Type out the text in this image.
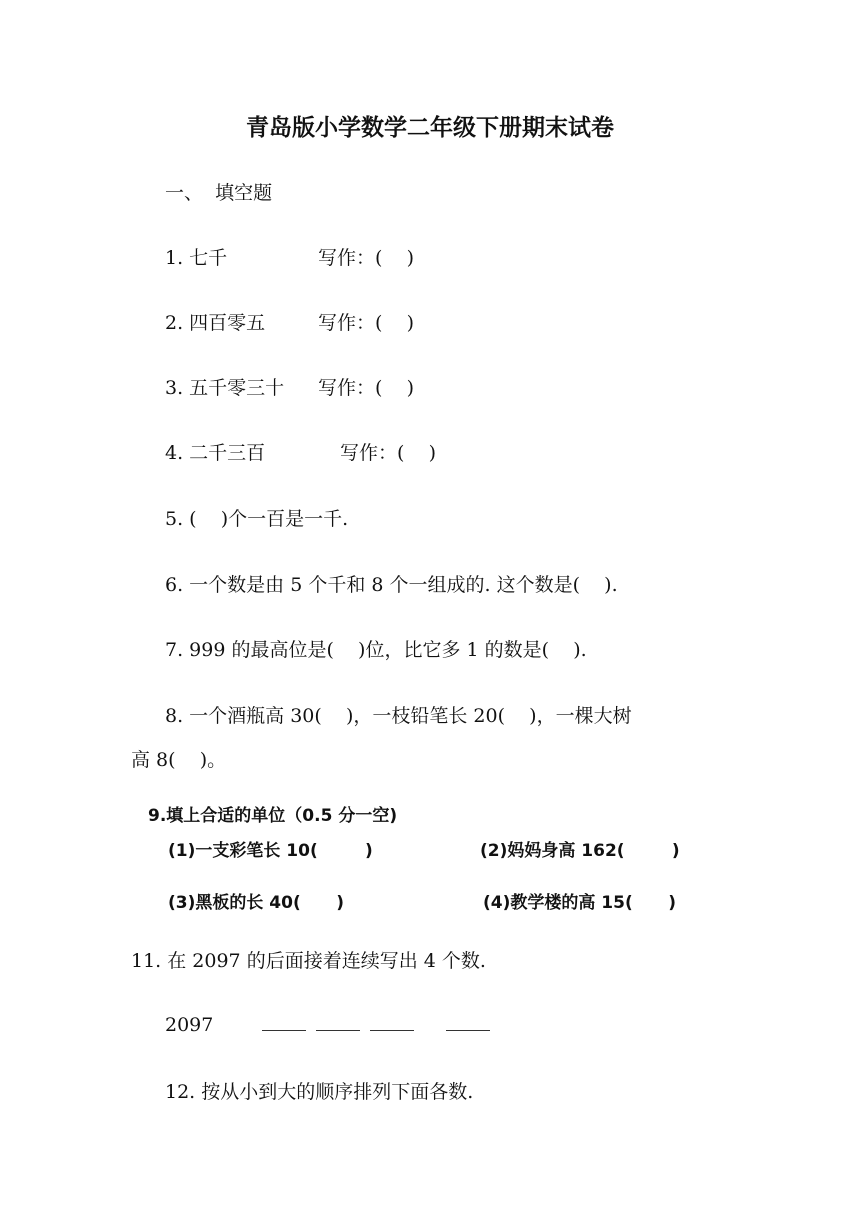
青岛版小学数学二年级下册期末试卷
一、  填空题
1. 七千	写作：(    )
2. 四百零五	写作：(    )
3. 五千零三十 写作：(    )
4. 二千三百	写作：(    )
5. (    )个一百是一千.
6. 一个数是由 5 个千和 8 个一组成的. 这个数是(    ).
7. 999 的最高位是(    )位，比它多 1 的数是(    ).
8. 一个酒瓶高 30(    )，一枝铅笔长 20(    )，一棵大树
高 8(    )。
9.填上合适的单位（0.5 分一空)
(1)一支彩笔长 10(        )	(2)妈妈身高 162(        )
(3)黑板的长 40(      )	(4)教学楼的高 15(      )
11. 在 2097 的后面接着连续写出 4 个数.
2097
12. 按从小到大的顺序排列下面各数.
